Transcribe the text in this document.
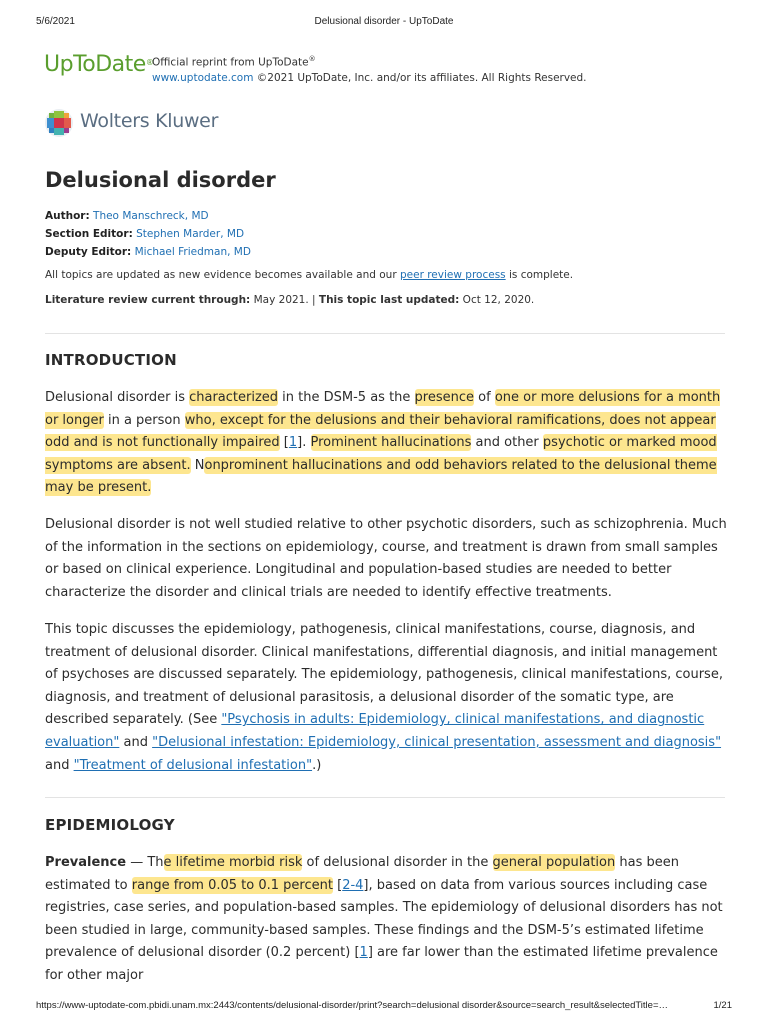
5/6/2021	Delusional disorder - UpToDate
UpToDate®
Official reprint from UpToDate®
www.uptodate.com ©2021 UpToDate, Inc. and/or its affiliates. All Rights Reserved.
Wolters Kluwer
Delusional disorder
Author: Theo Manschreck, MD
Section Editor: Stephen Marder, MD
Deputy Editor: Michael Friedman, MD
All topics are updated as new evidence becomes available and our peer review process is complete.
Literature review current through: May 2021. | This topic last updated: Oct 12, 2020.
INTRODUCTION
Delusional disorder is characterized in the DSM-5 as the presence of one or more delusions for a month or longer in a person who, except for the delusions and their behavioral ramifications, does not appear odd and is not functionally impaired [1]. Prominent hallucinations and other psychotic or marked mood symptoms are absent. Nonprominent hallucinations and odd behaviors related to the delusional theme may be present.
Delusional disorder is not well studied relative to other psychotic disorders, such as schizophrenia. Much of the information in the sections on epidemiology, course, and treatment is drawn from small samples or based on clinical experience. Longitudinal and population-based studies are needed to better characterize the disorder and clinical trials are needed to identify effective treatments.
This topic discusses the epidemiology, pathogenesis, clinical manifestations, course, diagnosis, and treatment of delusional disorder. Clinical manifestations, differential diagnosis, and initial management of psychoses are discussed separately. The epidemiology, pathogenesis, clinical manifestations, course, diagnosis, and treatment of delusional parasitosis, a delusional disorder of the somatic type, are described separately. (See "Psychosis in adults: Epidemiology, clinical manifestations, and diagnostic evaluation" and "Delusional infestation: Epidemiology, clinical presentation, assessment and diagnosis" and "Treatment of delusional infestation".)
EPIDEMIOLOGY
Prevalence — The lifetime morbid risk of delusional disorder in the general population has been estimated to range from 0.05 to 0.1 percent [2-4], based on data from various sources including case registries, case series, and population-based samples. The epidemiology of delusional disorders has not been studied in large, community-based samples. These findings and the DSM-5’s estimated lifetime prevalence of delusional disorder (0.2 percent) [1] are far lower than the estimated lifetime prevalence for other major
https://www-uptodate-com.pbidi.unam.mx:2443/contents/delusional-disorder/print?search=delusional disorder&source=search_result&selectedTitle=…	1/21
